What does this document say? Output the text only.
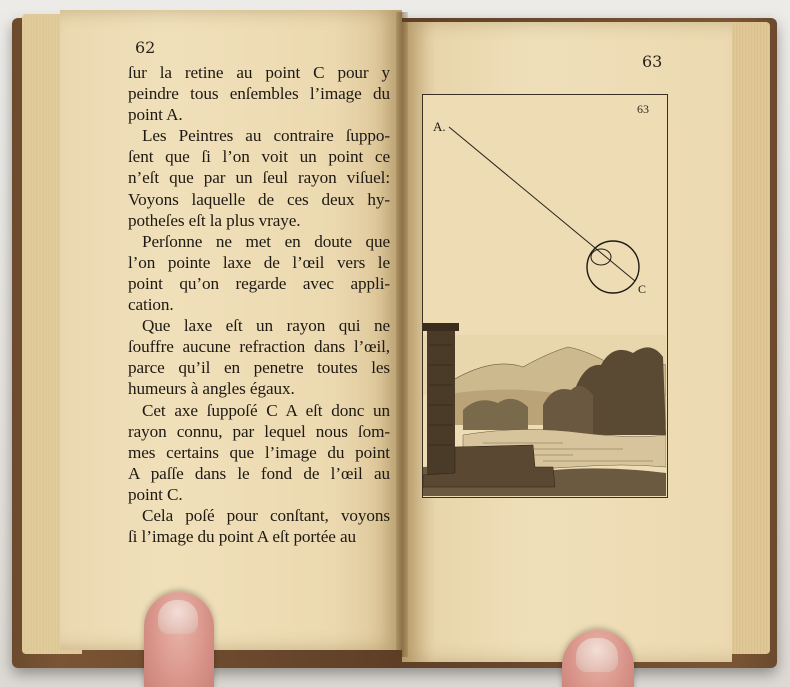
62
63
ſur la retine au point C pour y
peindre tous enſembles l’image du
point A.
Les Peintres au contraire ſuppo-
ſent que ſi l’on voit un point ce
n’eſt que par un ſeul rayon viſuel:
Voyons laquelle de ces deux hy-
potheſes eſt la plus vraye.
Perſonne ne met en doute que
l’on pointe laxe de l’œil vers le
point qu’on regarde avec appli-
cation.
Que laxe eſt un rayon qui ne
ſouffre aucune refraction dans l’œil,
parce qu’il en penetre toutes les
humeurs à angles égaux.
Cet axe ſuppoſé C A eſt donc un
rayon connu, par lequel nous ſom-
mes certains que l’image du point
A paſſe dans le fond de l’œil au
point C.
Cela poſé pour conſtant, voyons
ſi l’image du point A eſt portée au
63
A.
C
